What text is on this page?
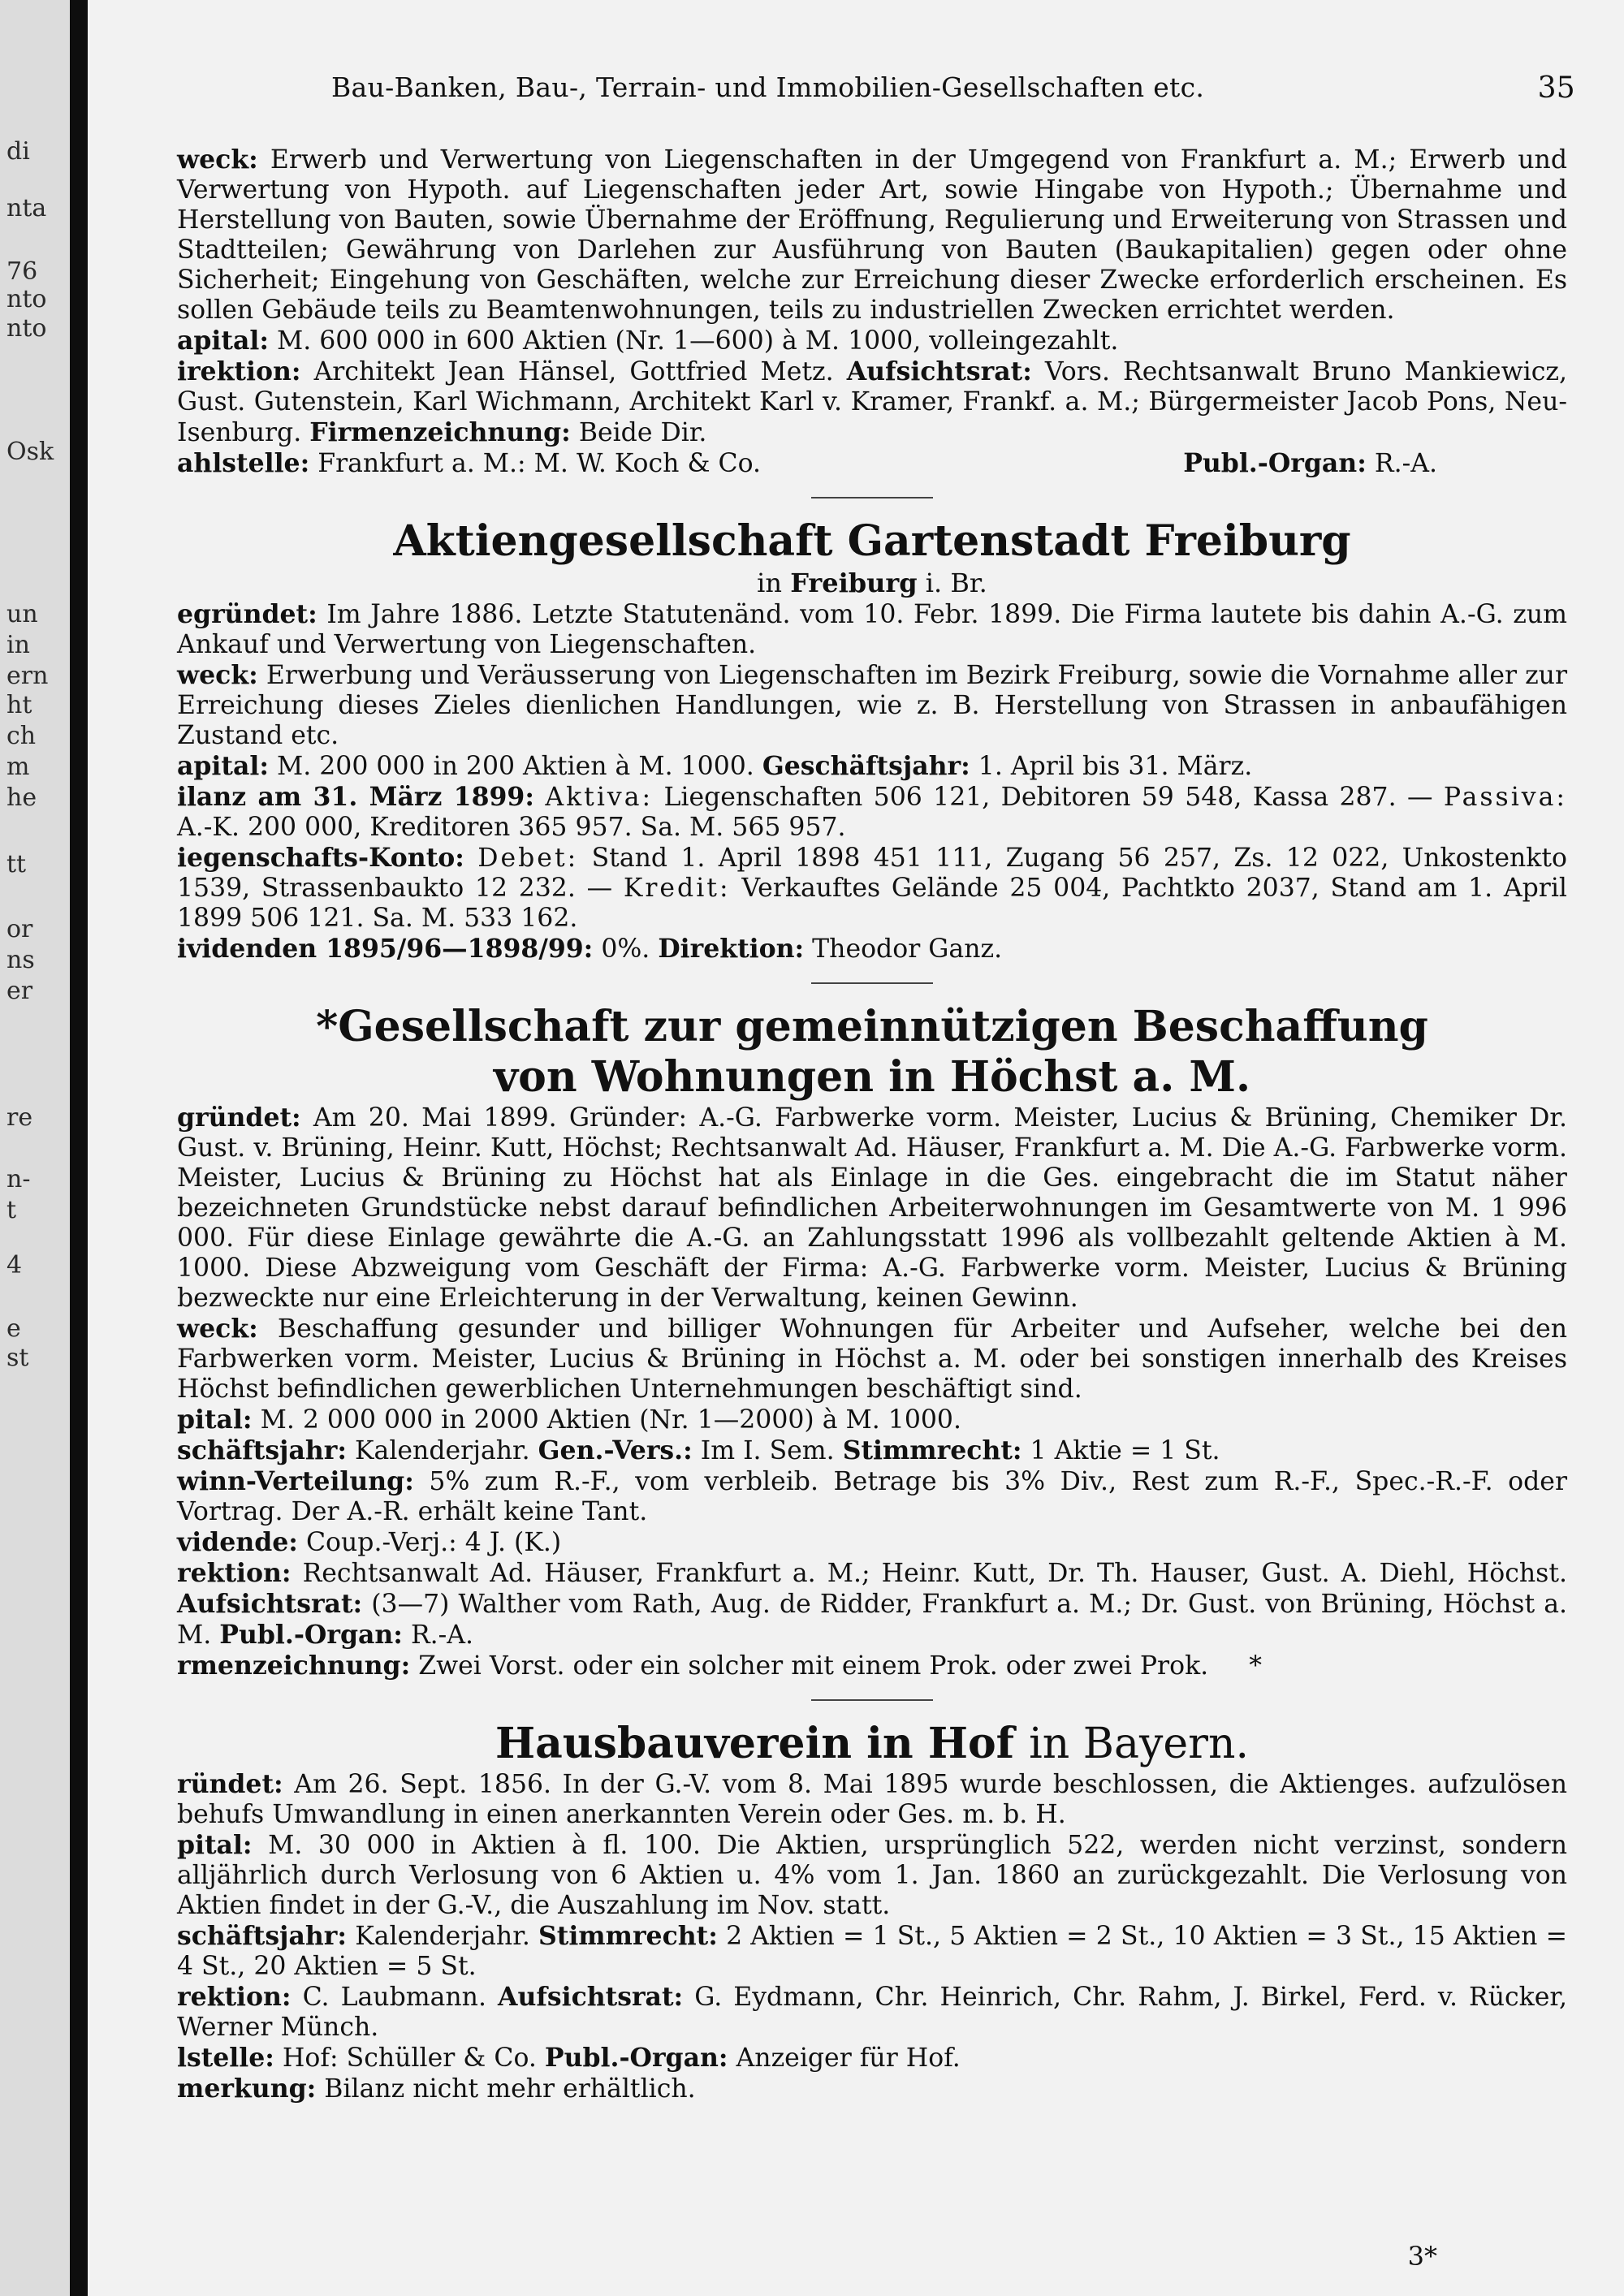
di
nta
76
nto
nto
Osk
un
in
ern
ht
ch
m
he
tt
or
ns
er
re
n-
t
4
e
st
Bau-Banken, Bau-, Terrain- und Immobilien-Gesellschaften etc.	35

weck: Erwerb und Verwertung von Liegenschaften in der Umgegend von Frankfurt a. M.; Erwerb und Verwertung von Hypoth. auf Liegenschaften jeder Art, sowie Hingabe von Hypoth.; Übernahme und Herstellung von Bauten, sowie Übernahme der Eröffnung, Regulierung und Erweiterung von Strassen und Stadtteilen; Gewährung von Darlehen zur Ausführung von Bauten (Baukapitalien) gegen oder ohne Sicherheit; Eingehung von Geschäften, welche zur Erreichung dieser Zwecke erforderlich erscheinen. Es sollen Gebäude teils zu Beamtenwohnungen, teils zu industriellen Zwecken errichtet werden.

apital: M. 600 000 in 600 Aktien (Nr. 1—600) à M. 1000, volleingezahlt.

irektion: Architekt Jean Hänsel, Gottfried Metz. Aufsichtsrat: Vors. Rechtsanwalt Bruno Mankiewicz, Gust. Gutenstein, Karl Wichmann, Architekt Karl v. Kramer, Frankf. a. M.; Bürgermeister Jacob Pons, Neu-Isenburg. Firmenzeichnung: Beide Dir.

ahlstelle: Frankfurt a. M.: M. W. Koch & Co.	Publ.-Organ: R.-A.

Aktiengesellschaft Gartenstadt Freiburg
in Freiburg i. Br.

egründet: Im Jahre 1886. Letzte Statutenänd. vom 10. Febr. 1899. Die Firma lautete bis dahin A.-G. zum Ankauf und Verwertung von Liegenschaften.

weck: Erwerbung und Veräusserung von Liegenschaften im Bezirk Freiburg, sowie die Vornahme aller zur Erreichung dieses Zieles dienlichen Handlungen, wie z. B. Herstellung von Strassen in anbaufähigen Zustand etc.

apital: M. 200 000 in 200 Aktien à M. 1000. Geschäftsjahr: 1. April bis 31. März.

ilanz am 31. März 1899: Aktiva: Liegenschaften 506 121, Debitoren 59 548, Kassa 287. — Passiva: A.-K. 200 000, Kreditoren 365 957. Sa. M. 565 957.

iegenschafts-Konto: Debet: Stand 1. April 1898 451 111, Zugang 56 257, Zs. 12 022, Unkostenkto 1539, Strassenbaukto 12 232. — Kredit: Verkauftes Gelände 25 004, Pachtkto 2037, Stand am 1. April 1899 506 121. Sa. M. 533 162.

ividenden 1895/96—1898/99: 0%. Direktion: Theodor Ganz.

*Gesellschaft zur gemeinnützigen Beschaffung
von Wohnungen in Höchst a. M.

gründet: Am 20. Mai 1899. Gründer: A.-G. Farbwerke vorm. Meister, Lucius & Brüning, Chemiker Dr. Gust. v. Brüning, Heinr. Kutt, Höchst; Rechtsanwalt Ad. Häuser, Frankfurt a. M. Die A.-G. Farbwerke vorm. Meister, Lucius & Brüning zu Höchst hat als Einlage in die Ges. eingebracht die im Statut näher bezeichneten Grundstücke nebst darauf befindlichen Arbeiterwohnungen im Gesamtwerte von M. 1 996 000. Für diese Einlage gewährte die A.-G. an Zahlungsstatt 1996 als vollbezahlt geltende Aktien à M. 1000. Diese Abzweigung vom Geschäft der Firma: A.-G. Farbwerke vorm. Meister, Lucius & Brüning bezweckte nur eine Erleichterung in der Verwaltung, keinen Gewinn.

weck: Beschaffung gesunder und billiger Wohnungen für Arbeiter und Aufseher, welche bei den Farbwerken vorm. Meister, Lucius & Brüning in Höchst a. M. oder bei sonstigen innerhalb des Kreises Höchst befindlichen gewerblichen Unternehmungen beschäftigt sind.

pital: M. 2 000 000 in 2000 Aktien (Nr. 1—2000) à M. 1000.

schäftsjahr: Kalenderjahr. Gen.-Vers.: Im I. Sem. Stimmrecht: 1 Aktie = 1 St.

winn-Verteilung: 5% zum R.-F., vom verbleib. Betrage bis 3% Div., Rest zum R.-F., Spec.-R.-F. oder Vortrag. Der A.-R. erhält keine Tant.

vidende: Coup.-Verj.: 4 J. (K.)

rektion: Rechtsanwalt Ad. Häuser, Frankfurt a. M.; Heinr. Kutt, Dr. Th. Hauser, Gust. A. Diehl, Höchst. Aufsichtsrat: (3—7) Walther vom Rath, Aug. de Ridder, Frankfurt a. M.; Dr. Gust. von Brüning, Höchst a. M. Publ.-Organ: R.-A.

rmenzeichnung: Zwei Vorst. oder ein solcher mit einem Prok. oder zwei Prok. *

Hausbauverein in Hof in Bayern.

ründet: Am 26. Sept. 1856. In der G.-V. vom 8. Mai 1895 wurde beschlossen, die Aktienges. aufzulösen behufs Umwandlung in einen anerkannten Verein oder Ges. m. b. H.

pital: M. 30 000 in Aktien à fl. 100. Die Aktien, ursprünglich 522, werden nicht verzinst, sondern alljährlich durch Verlosung von 6 Aktien u. 4% vom 1. Jan. 1860 an zurückgezahlt. Die Verlosung von Aktien findet in der G.-V., die Auszahlung im Nov. statt.

schäftsjahr: Kalenderjahr. Stimmrecht: 2 Aktien = 1 St., 5 Aktien = 2 St., 10 Aktien = 3 St., 15 Aktien = 4 St., 20 Aktien = 5 St.

rektion: C. Laubmann. Aufsichtsrat: G. Eydmann, Chr. Heinrich, Chr. Rahm, J. Birkel, Ferd. v. Rücker, Werner Münch.

lstelle: Hof: Schüller & Co. Publ.-Organ: Anzeiger für Hof.

merkung: Bilanz nicht mehr erhältlich.

3*
